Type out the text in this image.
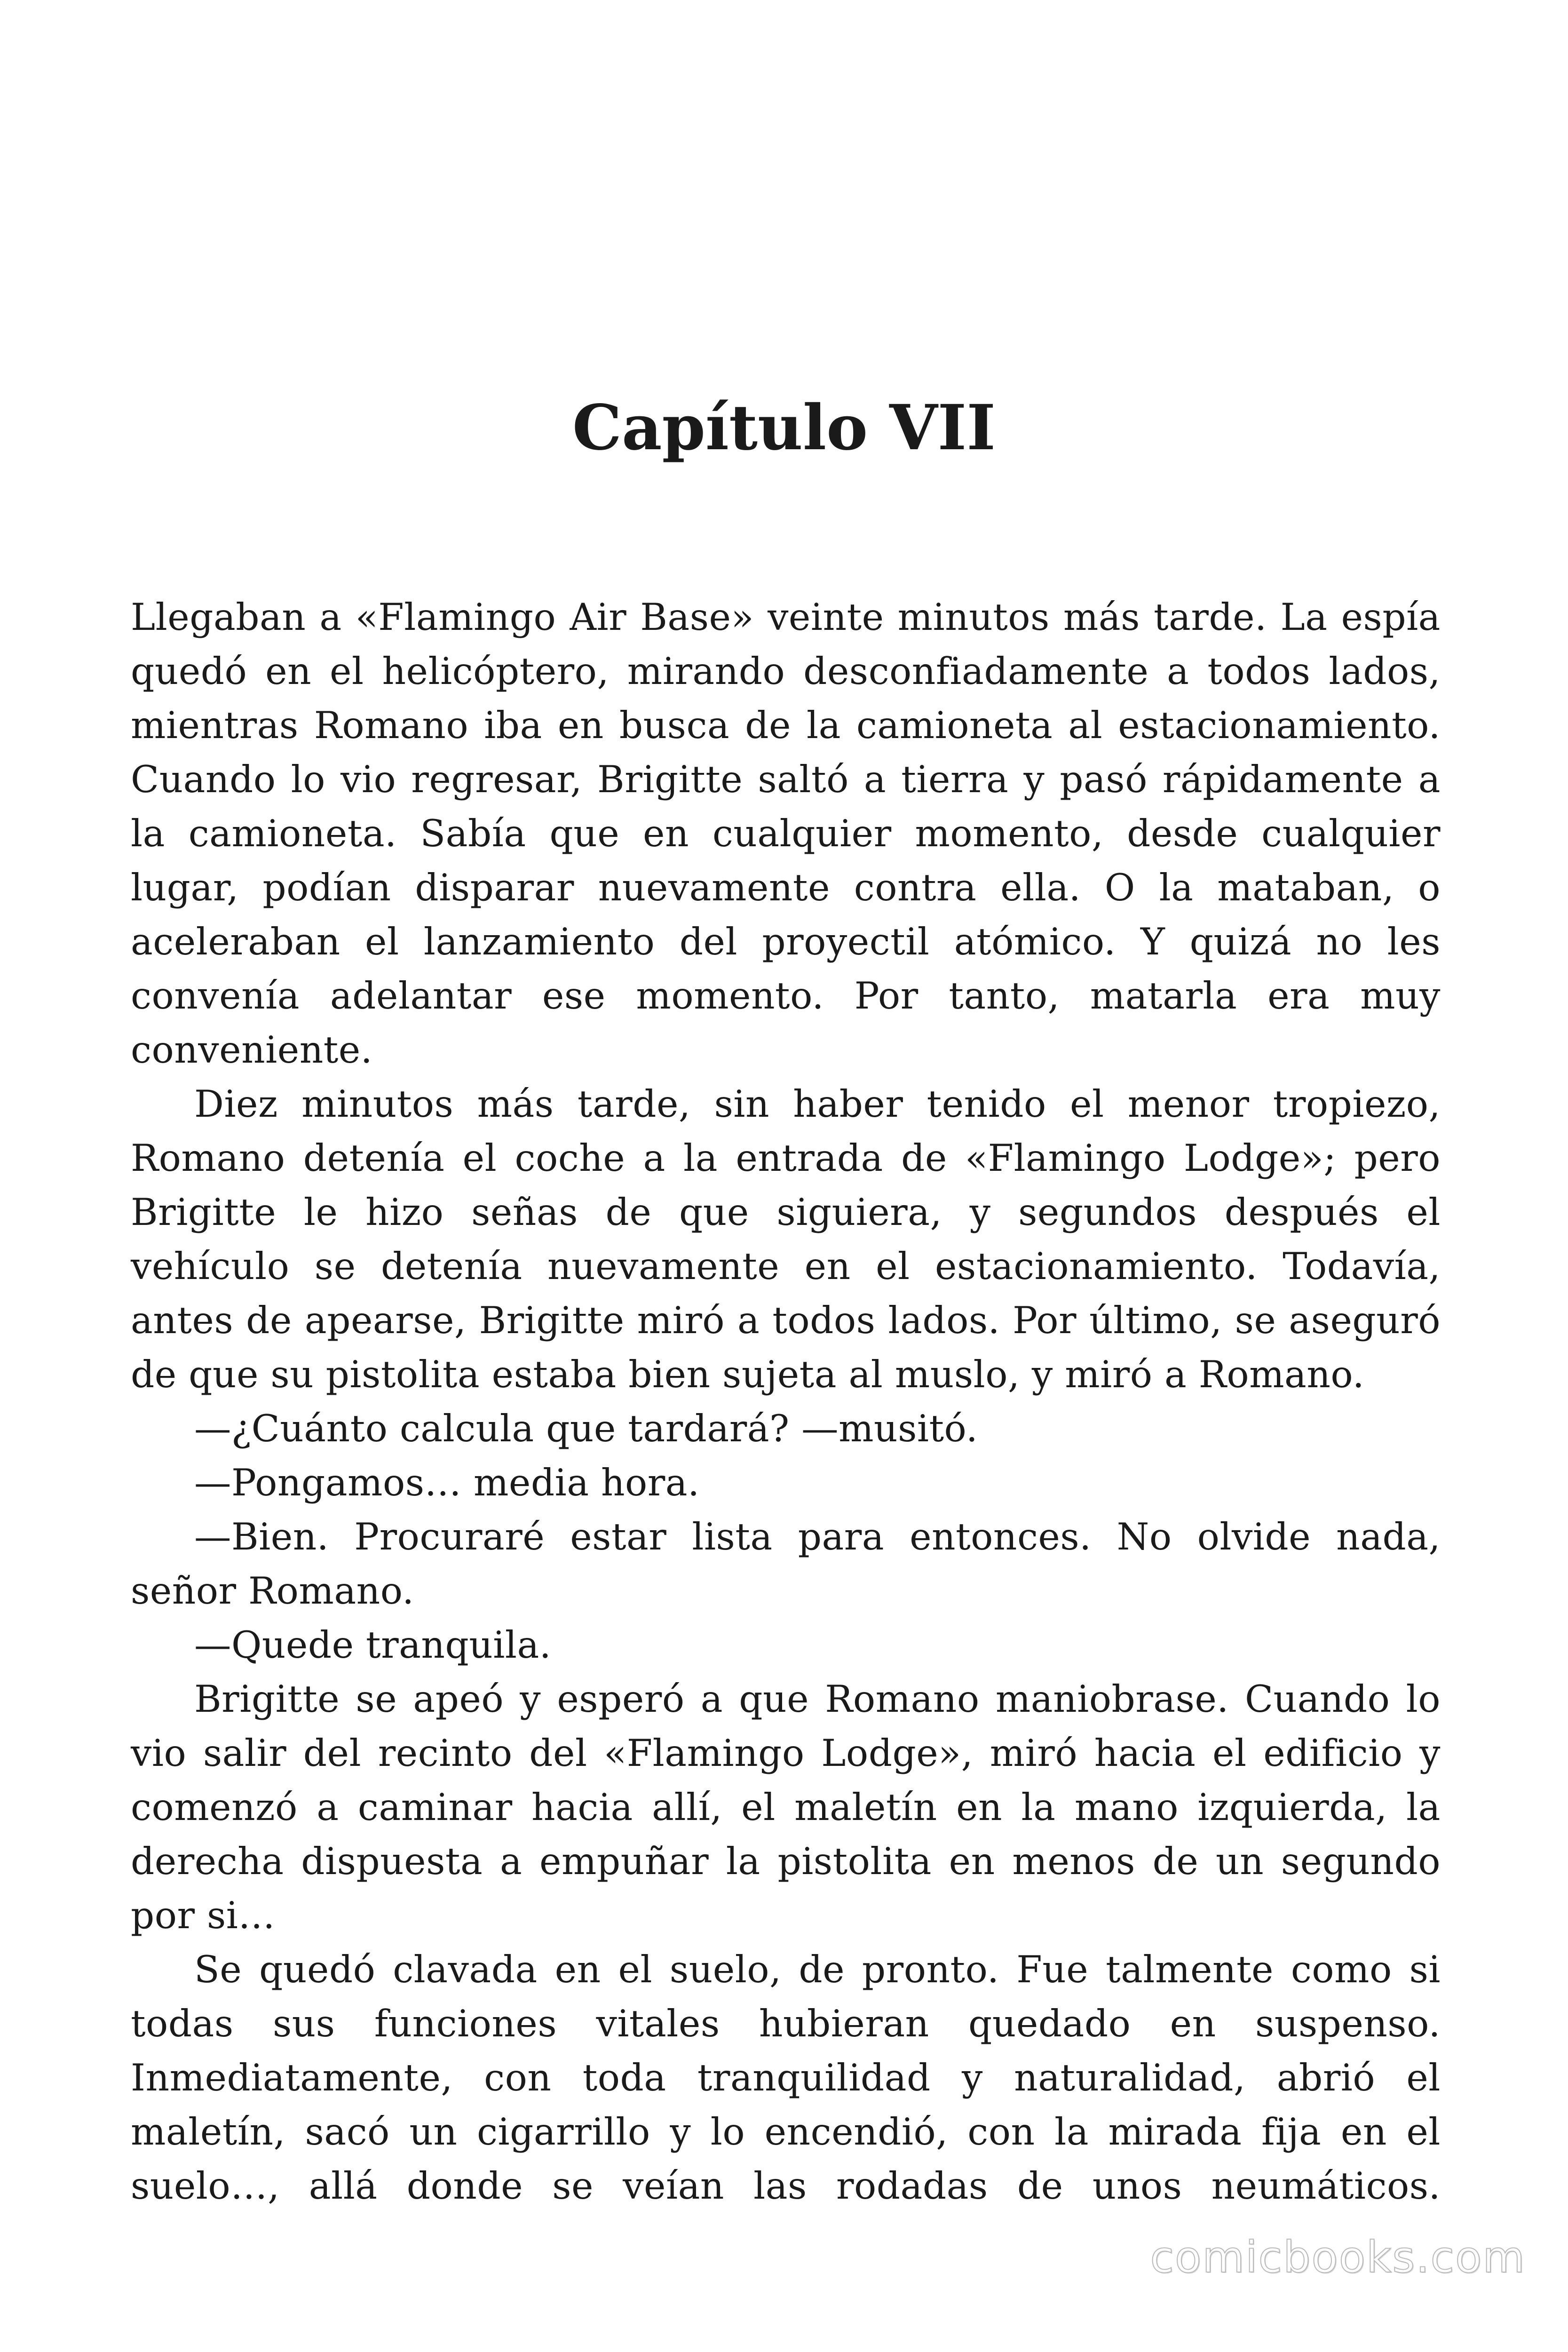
Capítulo VII
Llegaban a «Flamingo Air Base» veinte minutos más tarde. La espía
quedó en el helicóptero, mirando desconfiadamente a todos lados,
mientras Romano iba en busca de la camioneta al estacionamiento.
Cuando lo vio regresar, Brigitte saltó a tierra y pasó rápidamente a
la camioneta. Sabía que en cualquier momento, desde cualquier
lugar, podían disparar nuevamente contra ella. O la mataban, o
aceleraban el lanzamiento del proyectil atómico. Y quizá no les
convenía adelantar ese momento. Por tanto, matarla era muy
conveniente.
Diez minutos más tarde, sin haber tenido el menor tropiezo,
Romano detenía el coche a la entrada de «Flamingo Lodge»; pero
Brigitte le hizo señas de que siguiera, y segundos después el
vehículo se detenía nuevamente en el estacionamiento. Todavía,
antes de apearse, Brigitte miró a todos lados. Por último, se aseguró
de que su pistolita estaba bien sujeta al muslo, y miró a Romano.
—¿Cuánto calcula que tardará? —musitó.
—Pongamos… media hora.
—Bien. Procuraré estar lista para entonces. No olvide nada,
señor Romano.
—Quede tranquila.
Brigitte se apeó y esperó a que Romano maniobrase. Cuando lo
vio salir del recinto del «Flamingo Lodge», miró hacia el edificio y
comenzó a caminar hacia allí, el maletín en la mano izquierda, la
derecha dispuesta a empuñar la pistolita en menos de un segundo
por si…
Se quedó clavada en el suelo, de pronto. Fue talmente como si
todas sus funciones vitales hubieran quedado en suspenso.
Inmediatamente, con toda tranquilidad y naturalidad, abrió el
maletín, sacó un cigarrillo y lo encendió, con la mirada fija en el
suelo…, allá donde se veían las rodadas de unos neumáticos.
comicbooks.com
